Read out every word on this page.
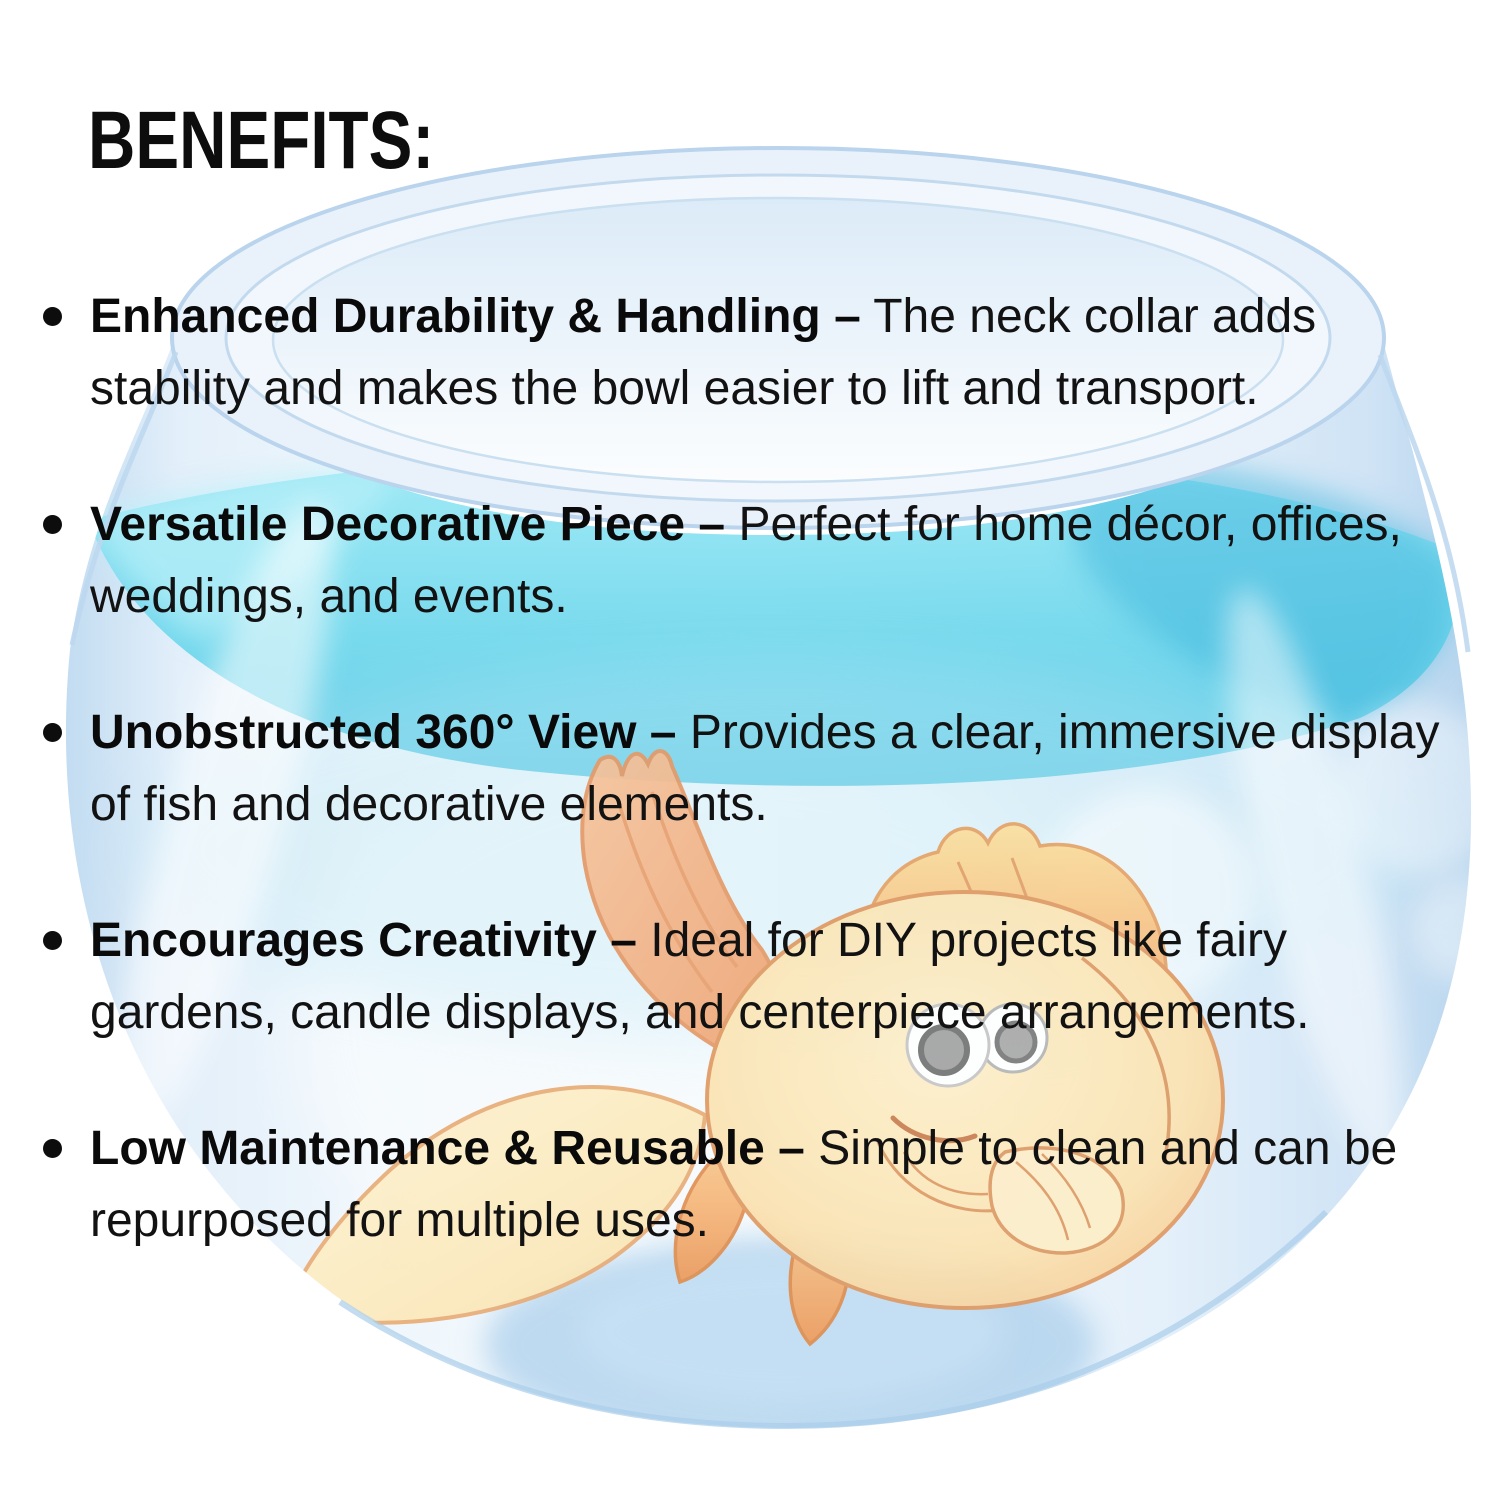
BENEFITS:
Enhanced Durability & Handling – The neck collar adds stability and makes the bowl easier to lift and transport.
Versatile Decorative Piece – Perfect for home décor, offices, weddings, and events.
Unobstructed 360° View – Provides a clear, immersive display of fish and decorative elements.
Encourages Creativity – Ideal for DIY projects like fairy gardens, candle displays, and centerpiece arrangements.
Low Maintenance & Reusable – Simple to clean and can be repurposed for multiple uses.
